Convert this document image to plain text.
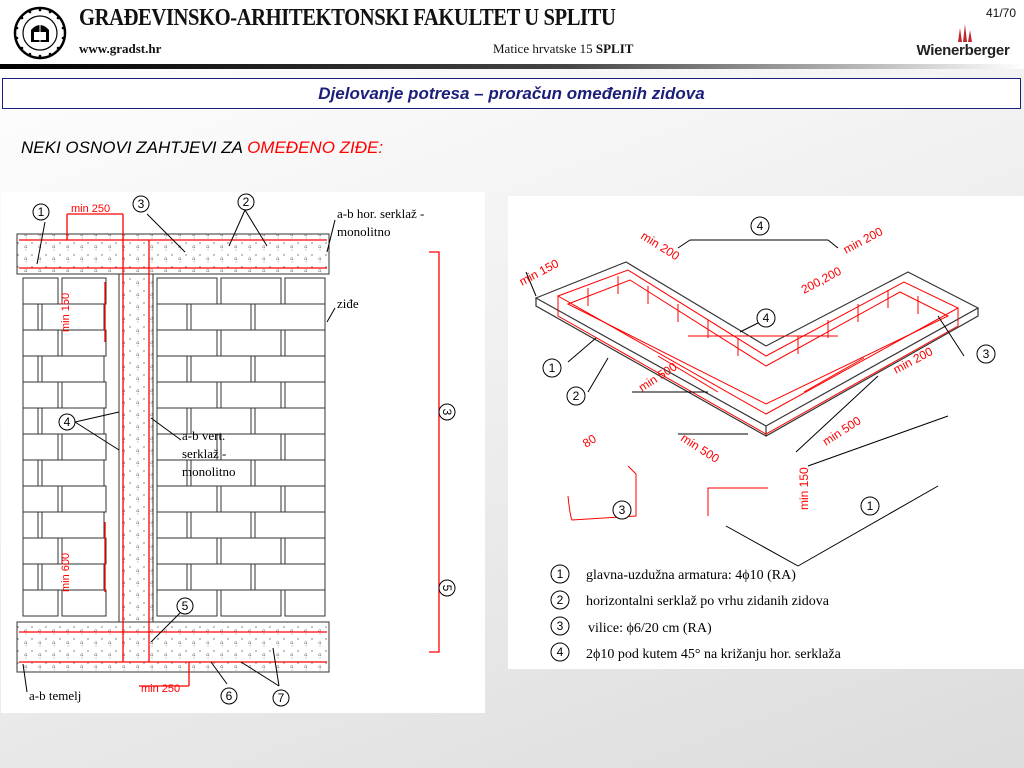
GRAĐEVINSKO-ARHITEKTONSKI FAKULTET U SPLITU
www.gradst.hr	Matice hrvatske 15 SPLIT
41/70
Wienerberger
Djelovanje potresa – proračun omeđenih zidova
NEKI OSNOVI ZAHTJEVI ZA OMEĐENO ZIĐE:
1
3	2
4
5
6	7
min 250
min 150
min 600
min 250
a-b hor. serklaž -
monolitno
ziđe
a-b vert.
serklaž -
monolitno
a-b temelj
3
5
min 150
min 200	min 200
200,200
min 200
min 500
min 500	min 500
min 150
80
4
4
1
2
3
3	1
1 glavna-uzdužna armatura: 4ϕ10 (RA)
2 horizontalni serklaž po vrhu zidanih zidova
3 vilice: ϕ6/20 cm (RA)
4 2ϕ10 pod kutem 45° na križanju hor. serklaža
